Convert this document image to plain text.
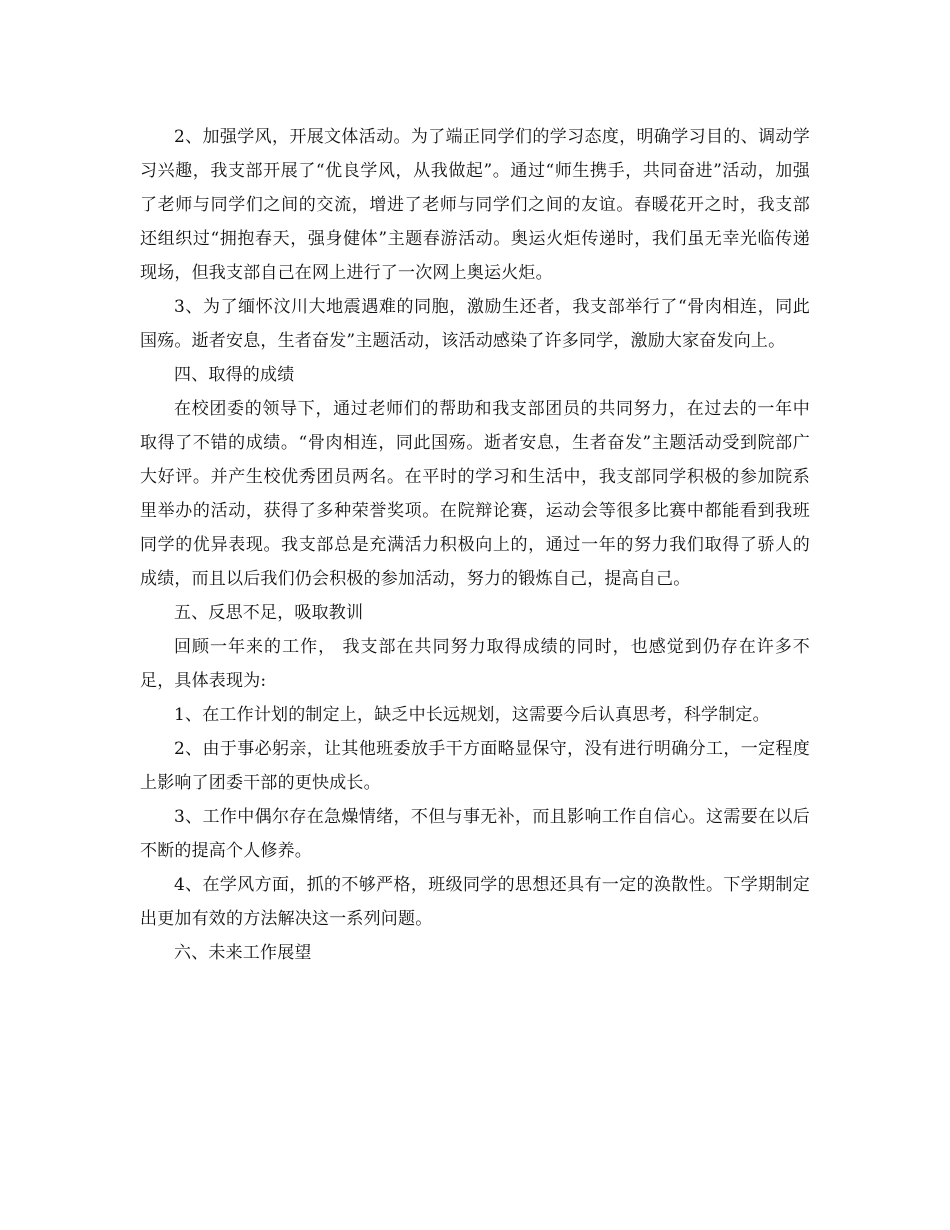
2、加强学风，开展文体活动。为了端正同学们的学习态度，明确学习目的、调动学习兴趣，我支部开展了“优良学风，从我做起”。通过“师生携手，共同奋进”活动，加强了老师与同学们之间的交流，增进了老师与同学们之间的友谊。春暖花开之时，我支部还组织过“拥抱春天，强身健体”主题春游活动。奥运火炬传递时，我们虽无幸光临传递现场，但我支部自己在网上进行了一次网上奥运火炬。

3、为了缅怀汶川大地震遇难的同胞，激励生还者，我支部举行了“骨肉相连，同此国殇。逝者安息，生者奋发”主题活动，该活动感染了许多同学，激励大家奋发向上。

四、取得的成绩

在校团委的领导下，通过老师们的帮助和我支部团员的共同努力，在过去的一年中取得了不错的成绩。“骨肉相连，同此国殇。逝者安息，生者奋发”主题活动受到院部广大好评。并产生校优秀团员两名。在平时的学习和生活中，我支部同学积极的参加院系里举办的活动，获得了多种荣誉奖项。在院辩论赛，运动会等很多比赛中都能看到我班同学的优异表现。我支部总是充满活力积极向上的，通过一年的努力我们取得了骄人的成绩，而且以后我们仍会积极的参加活动，努力的锻炼自己，提高自己。

五、反思不足，吸取教训

回顾一年来的工作， 我支部在共同努力取得成绩的同时，也感觉到仍存在许多不足，具体表现为:

1、在工作计划的制定上，缺乏中长远规划，这需要今后认真思考，科学制定。

2、由于事必躬亲，让其他班委放手干方面略显保守，没有进行明确分工，一定程度上影响了团委干部的更快成长。

3、工作中偶尔存在急燥情绪，不但与事无补，而且影响工作自信心。这需要在以后不断的提高个人修养。

4、在学风方面，抓的不够严格，班级同学的思想还具有一定的涣散性。下学期制定出更加有效的方法解决这一系列问题。

六、未来工作展望
